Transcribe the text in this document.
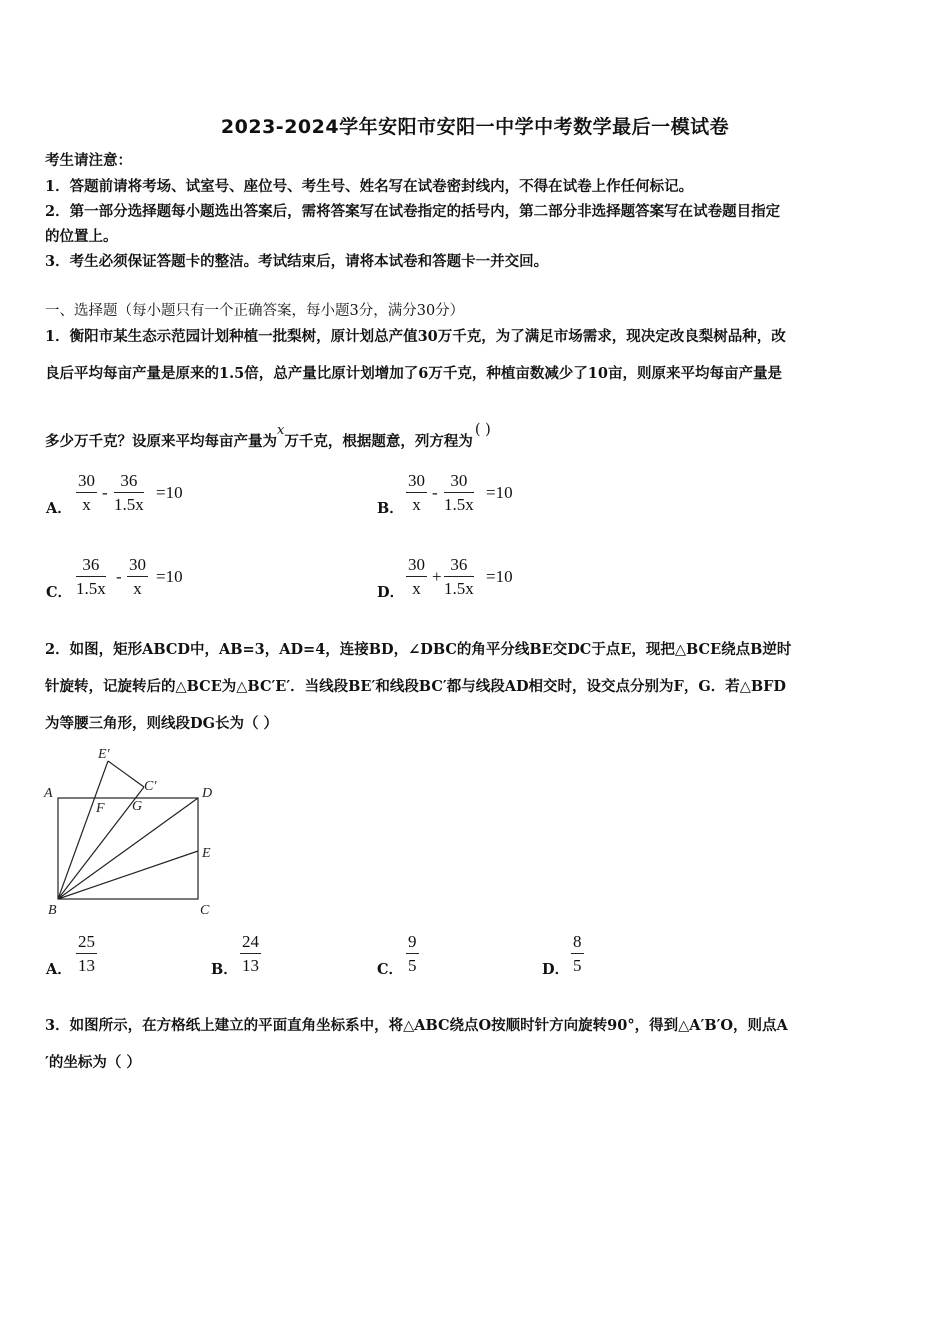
2023-2024学年安阳市安阳一中学中考数学最后一模试卷
考生请注意：
1．答题前请将考场、试室号、座位号、考生号、姓名写在试卷密封线内，不得在试卷上作任何标记。
2．第一部分选择题每小题选出答案后，需将答案写在试卷指定的括号内，第二部分非选择题答案写在试卷题目指定
的位置上。
3．考生必须保证答题卡的整洁。考试结束后，请将本试卷和答题卡一并交回。
一、选择题（每小题只有一个正确答案，每小题3分，满分30分）
1．衡阳市某生态示范园计划种植一批梨树，原计划总产值30万千克，为了满足市场需求，现决定改良梨树品种，改
良后平均每亩产量是原来的1.5倍，总产量比原计划增加了6万千克，种植亩数减少了10亩，则原来平均每亩产量是
多少万千克？设原来平均每亩产量为$^x$万千克，根据题意，列方程为( )
A． $\frac{30}{x} - \frac{36}{1.5x} =10$
B． $\frac{30}{x} - \frac{30}{1.5x} =10$
C． $\frac{36}{1.5x} - \frac{30}{x} =10$
D． $\frac{30}{x} + \frac{36}{1.5x} =10$
2．如图，矩形ABCD中，AB=3，AD=4，连接BD，∠DBC的角平分线BE交DC于点E，现把△BCE绕点B逆时
针旋转，记旋转后的△BCE为△BC′E′．当线段BE′和线段BC′都与线段AD相交时，设交点分别为F，G．若△BFD
为等腰三角形，则线段DG长为（ ）
A
B	C
D
E
F G
E′
C′
A． $\frac{25}{13}$	B． $\frac{24}{13}$	C． $\frac{9}{5}$	D． $\frac{8}{5}$
3．如图所示，在方格纸上建立的平面直角坐标系中，将△ABC绕点O按顺时针方向旋转90°，得到△A′B′O，则点A
′的坐标为（ ）
